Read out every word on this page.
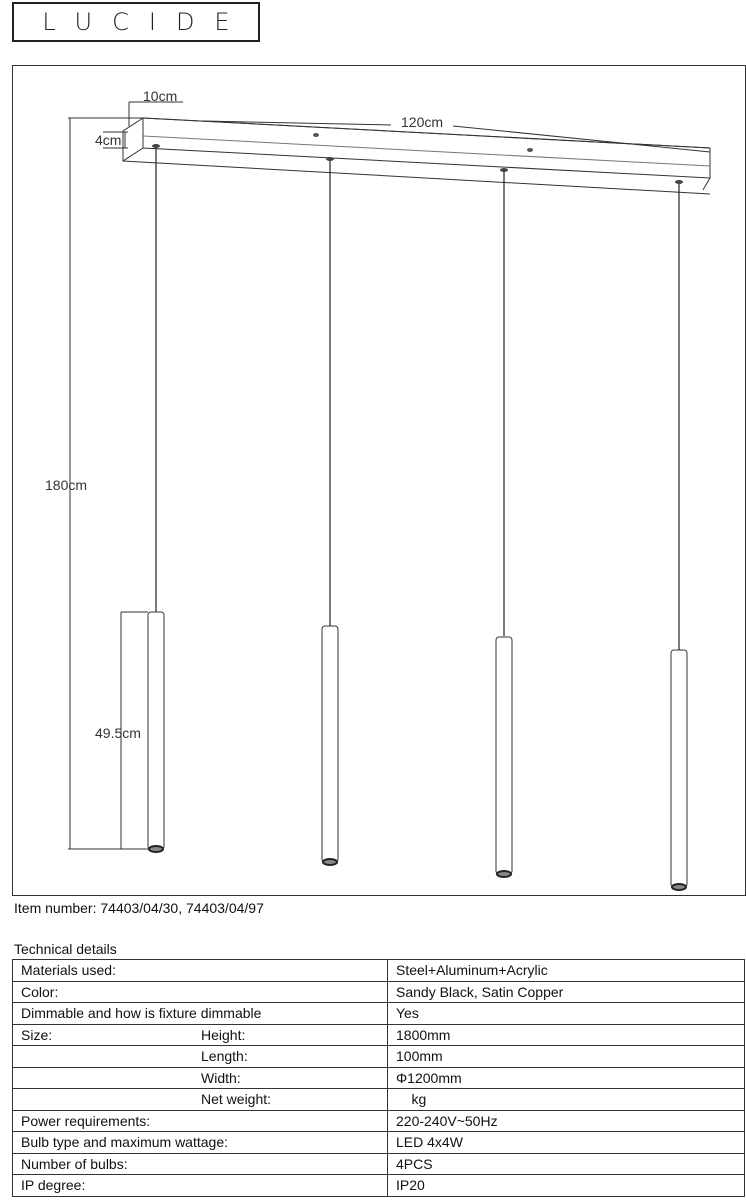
LUCIDE
10cm
120cm
4cm
180cm
49.5cm
Item number: 74403/04/30, 74403/04/97
Technical details
Materials used:	Steel+Aluminum+Acrylic
Color:	Sandy Black, Satin Copper
Dimmable and how is fixture dimmable	Yes
Size: Height:	1800mm

Length:	100mm

Width:	Φ1200mm

Net weight:	kg
Power requirements:	220-240V~50Hz
Bulb type and maximum wattage:	LED 4x4W
Number of bulbs:	4PCS
IP degree:	IP20
